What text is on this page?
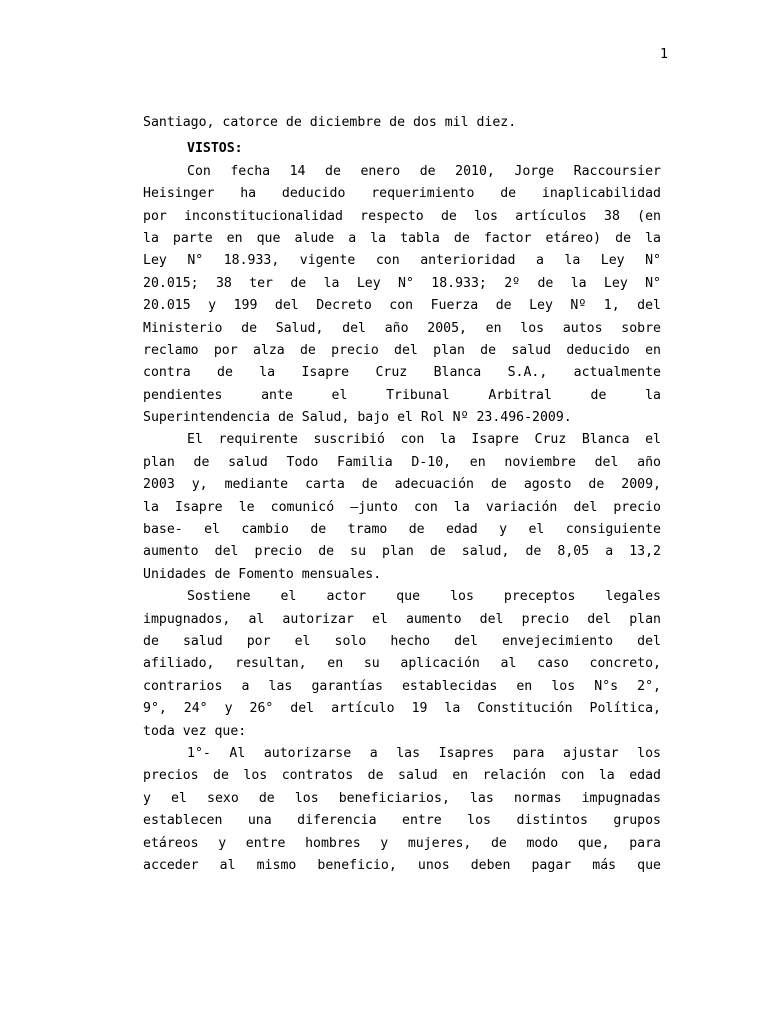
1

Santiago, catorce de diciembre de dos mil diez.

VISTOS:

Con fecha 14 de enero de 2010, Jorge Raccoursier
Heisinger ha deducido requerimiento de inaplicabilidad
por inconstitucionalidad respecto de los artículos 38 (en
la parte en que alude a la tabla de factor etáreo) de la
Ley N° 18.933, vigente con anterioridad a la Ley N°
20.015; 38 ter de la Ley N° 18.933; 2º de la Ley N°
20.015 y 199 del Decreto con Fuerza de Ley Nº 1, del
Ministerio de Salud, del año 2005, en los autos sobre
reclamo por alza de precio del plan de salud deducido en
contra de la Isapre Cruz Blanca S.A., actualmente
pendientes ante el Tribunal Arbitral de la
Superintendencia de Salud, bajo el Rol Nº 23.496-2009.

El requirente suscribió con la Isapre Cruz Blanca el
plan de salud Todo Familia D-10, en noviembre del año
2003 y, mediante carta de adecuación de agosto de 2009,
la Isapre le comunicó –junto con la variación del precio
base- el cambio de tramo de edad y el consiguiente
aumento del precio de su plan de salud, de 8,05 a 13,2
Unidades de Fomento mensuales.

Sostiene el actor que los preceptos legales
impugnados, al autorizar el aumento del precio del plan
de salud por el solo hecho del envejecimiento del
afiliado, resultan, en su aplicación al caso concreto,
contrarios a las garantías establecidas en los N°s 2°,
9°, 24° y 26° del artículo 19 la Constitución Política,
toda vez que:

1°- Al autorizarse a las Isapres para ajustar los
precios de los contratos de salud en relación con la edad
y el sexo de los beneficiarios, las normas impugnadas
establecen una diferencia entre los distintos grupos
etáreos y entre hombres y mujeres, de modo que, para
acceder al mismo beneficio, unos deben pagar más que
